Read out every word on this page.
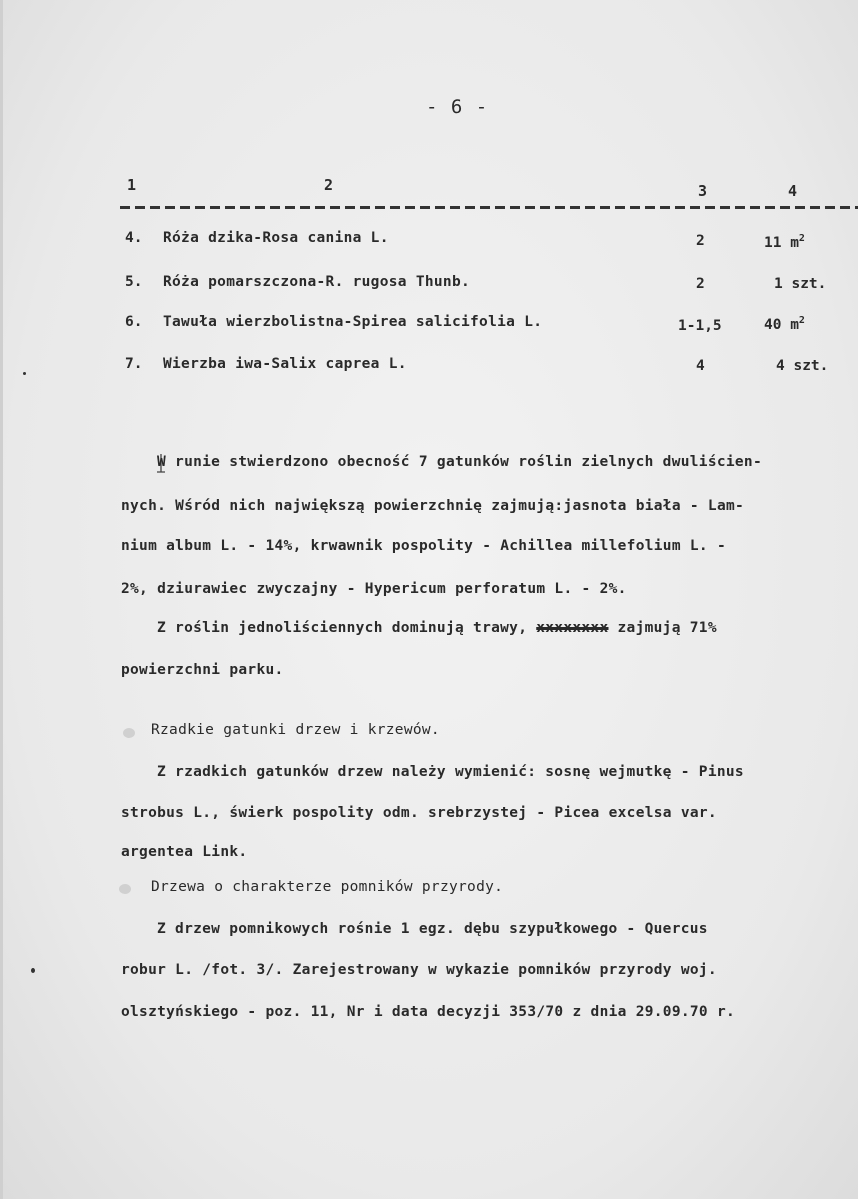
- 6 -
1	2	3	4
4. Róża dzika-Rosa canina L.	2	11 $m^2$
5. Róża pomarszczona-R. rugosa Thunb.	2	1 szt.
6. Tawuła wierzbolistna-Spirea salicifolia L.	1-1,5	40 $m^2$
7. Wierzba iwa-Salix caprea L.	4	4 szt.
W runie stwierdzono obecność 7 gatunków roślin zielnych dwuliścien-
nych. Wśród nich największą powierzchnię zajmują:jasnota biała - Lam-
nium album L. - 14%, krwawnik pospolity - Achillea millefolium L. -
2%, dziurawiec zwyczajny - Hypericum perforatum L. - 2%.
Z roślin jednoliściennych dominują trawy, xxxxxxxx zajmują 71%
powierzchni parku.
Rzadkie gatunki drzew i krzewów.
Z rzadkich gatunków drzew należy wymienić: sosnę wejmutkę - Pinus
strobus L., świerk pospolity odm. srebrzystej - Picea excelsa var.
argentea Link.
Drzewa o charakterze pomników przyrody.
Z drzew pomnikowych rośnie 1 egz. dębu szypułkowego - Quercus
robur L. /fot. 3/. Zarejestrowany w wykazie pomników przyrody woj.
olsztyńskiego - poz. 11, Nr i data decyzji 353/70 z dnia 29.09.70 r.
